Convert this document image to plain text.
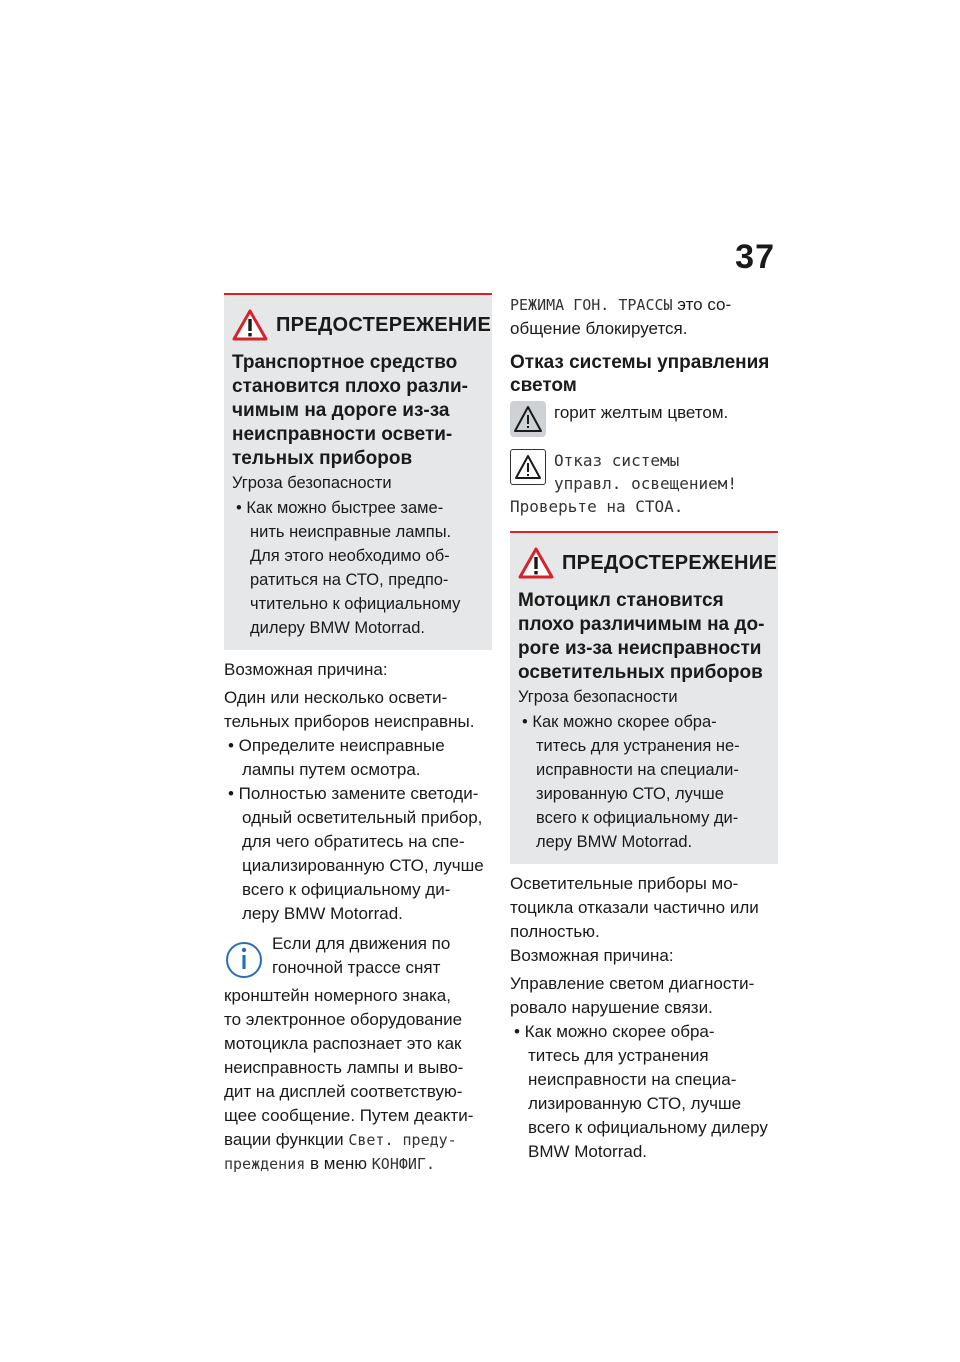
37
ПРЕДОСТЕРЕЖЕНИЕ
Транспортное средство
становится плохо разли-
чимым на дороге из-за
неисправности освети-
тельных приборов
Угроза безопасности
• Как можно быстрее заме-
нить неисправные лампы.
Для этого необходимо об-
ратиться на СТО, предпо-
чтительно к официальному
дилеру BMW Motorrad.
Возможная причина:
Один или несколько освети-
тельных приборов неисправны.
• Определите неисправные
лампы путем осмотра.
• Полностью замените светоди-
одный осветительный прибор,
для чего обратитесь на спе-
циализированную СТО, лучше
всего к официальному ди-
леру BMW Motorrad.
Если для движения по
гоночной трассе снят
кронштейн номерного знака,
то электронное оборудование
мотоцикла распознает это как
неисправность лампы и выво-
дит на дисплей соответствую-
щее сообщение. Путем деакти-
вации функции Свет. преду-
преждения в меню КОНФИГ.
РЕЖИМА ГОН. ТРАССЫ это со-
общение блокируется.
Отказ системы управления
светом
горит желтым цветом.
Отказ системы
управл. освещением!
Проверьте на СТОА.
ПРЕДОСТЕРЕЖЕНИЕ
Мотоцикл становится
плохо различимым на до-
роге из-за неисправности
осветительных приборов
Угроза безопасности
• Как можно скорее обра-
титесь для устранения не-
исправности на специали-
зированную СТО, лучше
всего к официальному ди-
леру BMW Motorrad.
Осветительные приборы мо-
тоцикла отказали частично или
полностью.
Возможная причина:
Управление светом диагности-
ровало нарушение связи.
• Как можно скорее обра-
титесь для устранения
неисправности на специа-
лизированную СТО, лучше
всего к официальному дилеру
BMW Motorrad.
